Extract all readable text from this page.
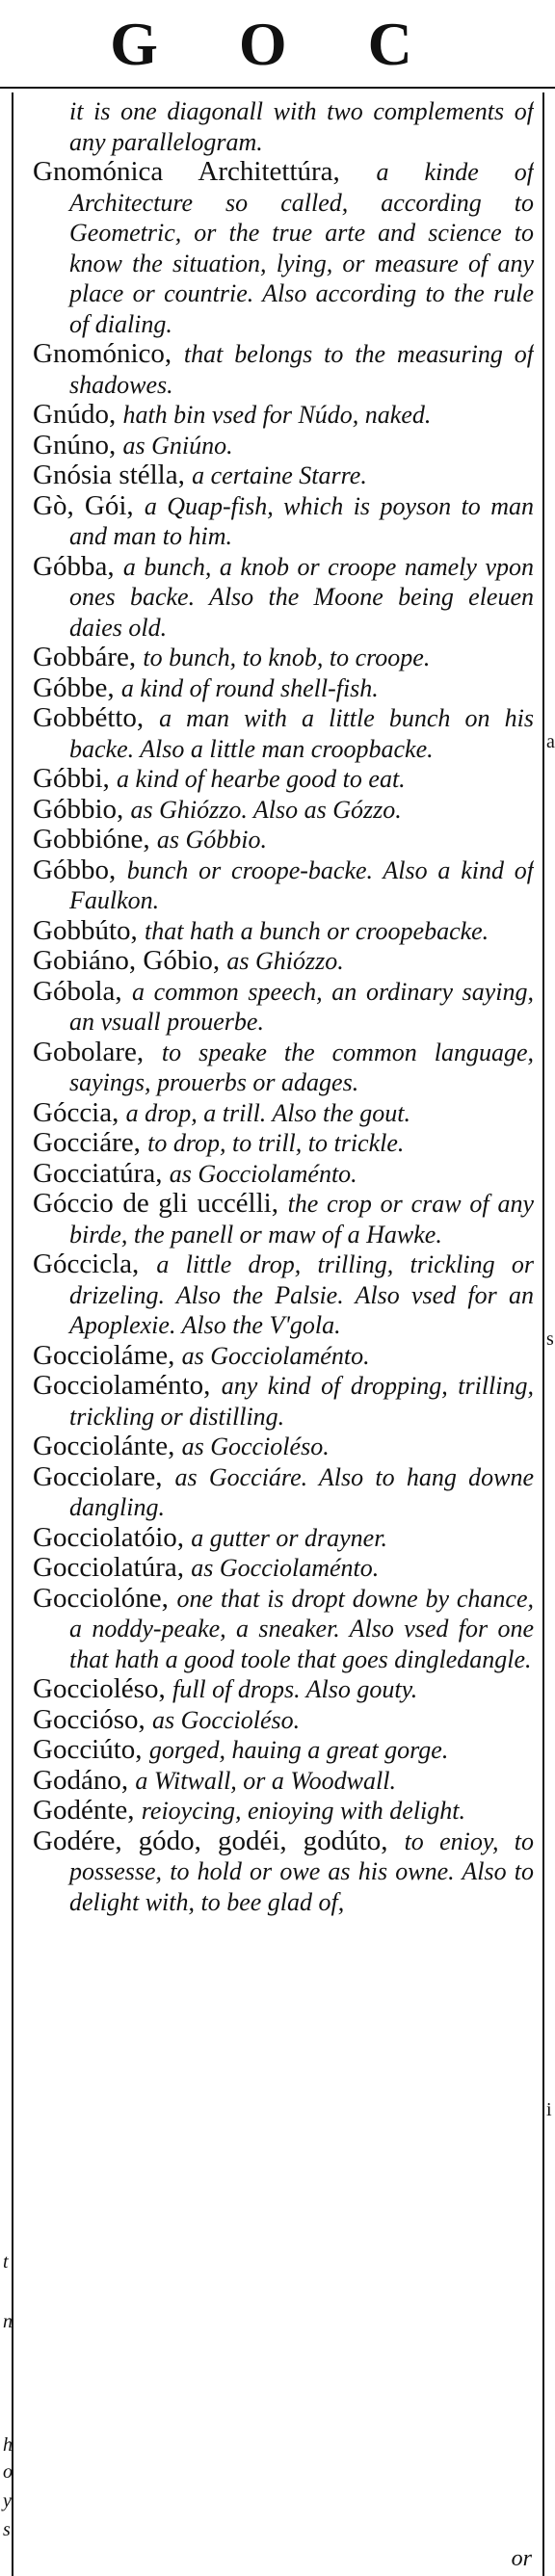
G O C
t
n
h
o
y
s
a
s
i

it is one diagonall with two complements of any parallelogram.

Gnomónica Architettúra, a kinde of Architecture so called, according to Geometric, or the true arte and science to know the situation, lying, or measure of any place or countrie. Also according to the rule of dialing.

Gnomónico, that belongs to the measuring of shadowes.

Gnúdo, hath bin vsed for Núdo, naked.

Gnúno, as Gniúno.

Gnósia stélla, a certaine Starre.

Gò, Gói, a Quap-fish, which is poyson to man and man to him.

Góbba, a bunch, a knob or croope namely vpon ones backe. Also the Moone being eleuen daies old.

Gobbáre, to bunch, to knob, to croope.

Góbbe, a kind of round shell-fish.

Gobbétto, a man with a little bunch on his backe. Also a little man croopbacke.

Góbbi, a kind of hearbe good to eat.

Góbbio, as Ghiózzo. Also as Gózzo.

Gobbióne, as Góbbio.

Góbbo, bunch or croope-backe. Also a kind of Faulkon.

Gobbúto, that hath a bunch or croopebacke.

Gobiáno, Góbio, as Ghiózzo.

Góbola, a common speech, an ordinary saying, an vsuall prouerbe.

Gobolare, to speake the common language, sayings, prouerbs or adages.

Góccia, a drop, a trill. Also the gout.

Gocciáre, to drop, to trill, to trickle.

Gocciatúra, as Gocciolaménto.

Góccio de gli uccélli, the crop or craw of any birde, the panell or maw of a Hawke.

Góccicla, a little drop, trilling, trickling or drizeling. Also the Palsie. Also vsed for an Apoplexie. Also the V'gola.

Goccioláme, as Gocciolaménto.

Gocciolaménto, any kind of dropping, trilling, trickling or distilling.

Gocciolánte, as Goccioléso.

Gocciolare, as Gocciáre. Also to hang downe dangling.

Gocciolatóio, a gutter or drayner.

Gocciolatúra, as Gocciolaménto.

Gocciolóne, one that is dropt downe by chance, a noddy-peake, a sneaker. Also vsed for one that hath a good toole that goes dingledangle.

Goccioléso, full of drops. Also gouty.

Goccióso, as Goccioléso.

Gocciúto, gorged, hauing a great gorge.

Godáno, a Witwall, or a Woodwall.

Godénte, reioycing, enioying with delight.

Godére, gódo, godéi, godúto, to enioy, to possesse, to hold or owe as his owne. Also to delight with, to bee glad of,

or
